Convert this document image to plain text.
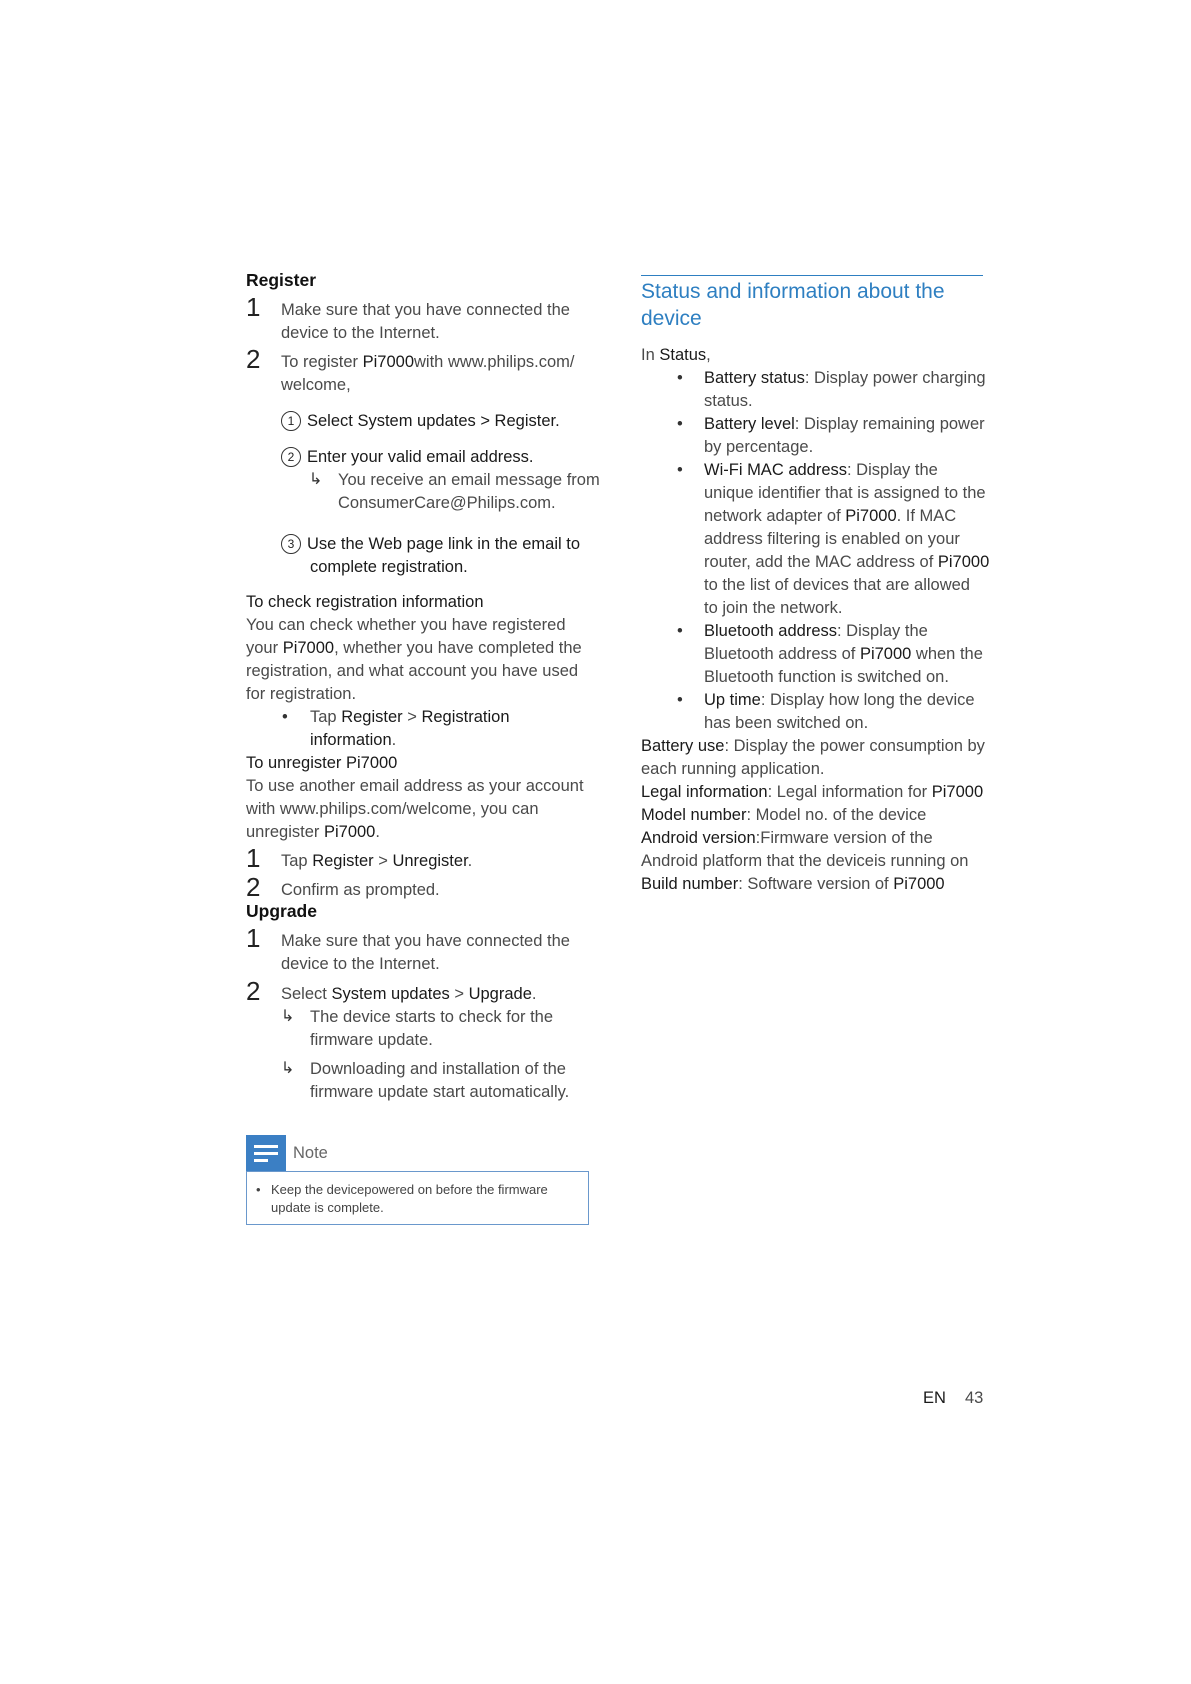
Register
1 Make sure that you have connected the
device to the Internet.
2 To register Pi7000with www.philips.com/
welcome,
1 Select System updates > Register.
2 Enter your valid email address.
↳ You receive an email message from
ConsumerCare@Philips.com.
3 Use the Web page link in the email to
complete registration.
To check registration information
You can check whether you have registered
your Pi7000, whether you have completed the
registration, and what account you have used
for registration.
• Tap Register > Registration
information.
To unregister Pi7000
To use another email address as your account
with www.philips.com/welcome, you can
unregister Pi7000.
1 Tap Register > Unregister.
2 Confirm as prompted.
Upgrade
1 Make sure that you have connected the
device to the Internet.
2 Select System updates > Upgrade.
↳ The device starts to check for the
firmware update.
↳ Downloading and installation of the
firmware update start automatically.
Note
• Keep the devicepowered on before the firmware
update is complete.
Status and information about the
device
In Status,
• Battery status: Display power charging
status.
• Battery level: Display remaining power
by percentage.
• Wi-Fi MAC address: Display the
unique identifier that is assigned to the
network adapter of Pi7000. If MAC
address filtering is enabled on your
router, add the MAC address of Pi7000
to the list of devices that are allowed
to join the network.
• Bluetooth address: Display the
Bluetooth address of Pi7000 when the
Bluetooth function is switched on.
• Up time: Display how long the device
has been switched on.
Battery use: Display the power consumption by
each running application.
Legal information: Legal information for Pi7000
Model number: Model no. of the device
Android version:Firmware version of the
Android platform that the deviceis running on
Build number: Software version of Pi7000
EN 43
